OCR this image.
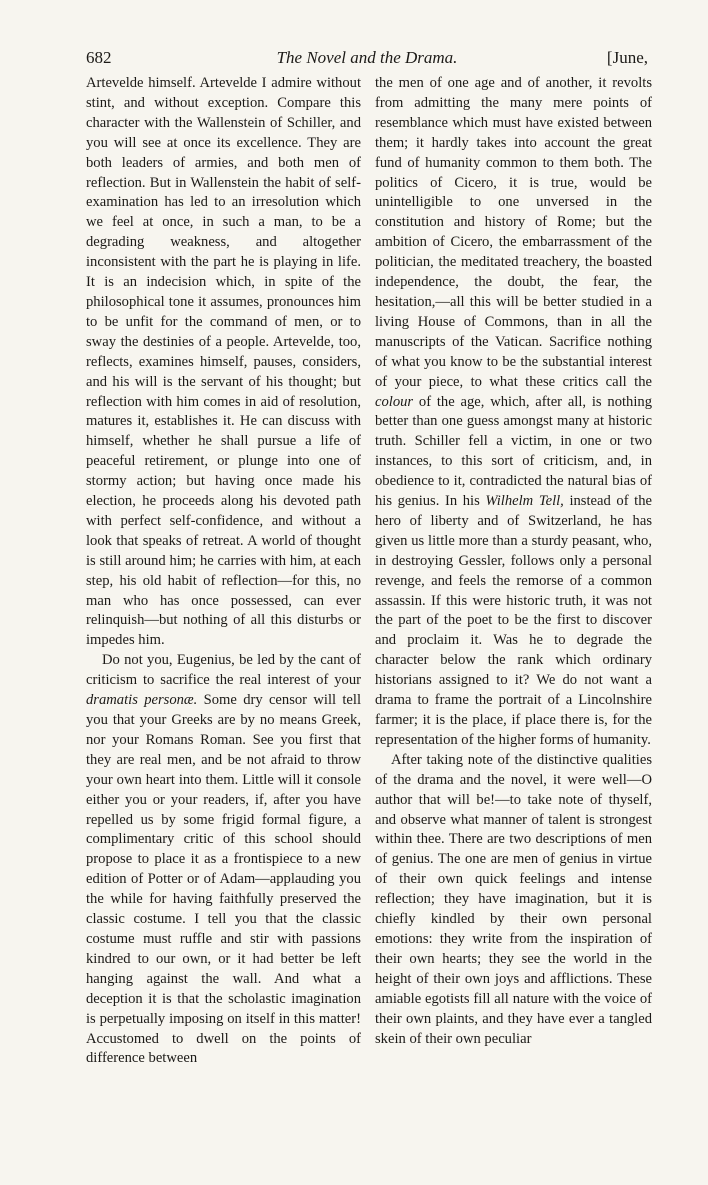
682	The Novel and the Drama.	[June,

Artevelde himself. Artevelde I admire without stint, and without exception. Compare this character with the Wallenstein of Schiller, and you will see at once its excellence. They are both leaders of armies, and both men of reflection. But in Wallenstein the habit of self-examination has led to an irresolution which we feel at once, in such a man, to be a degrading weakness, and altogether inconsistent with the part he is playing in life. It is an indecision which, in spite of the philosophical tone it assumes, pronounces him to be unfit for the command of men, or to sway the destinies of a people. Artevelde, too, reflects, examines himself, pauses, considers, and his will is the servant of his thought; but reflection with him comes in aid of resolution, matures it, establishes it. He can discuss with himself, whether he shall pursue a life of peaceful retirement, or plunge into one of stormy action; but having once made his election, he proceeds along his devoted path with perfect self-confidence, and without a look that speaks of retreat. A world of thought is still around him; he carries with him, at each step, his old habit of reflection—for this, no man who has once possessed, can ever relinquish—but nothing of all this disturbs or impedes him.

Do not you, Eugenius, be led by the cant of criticism to sacrifice the real interest of your dramatis personæ. Some dry censor will tell you that your Greeks are by no means Greek, nor your Romans Roman. See you first that they are real men, and be not afraid to throw your own heart into them. Little will it console either you or your readers, if, after you have repelled us by some frigid formal figure, a complimentary critic of this school should propose to place it as a frontispiece to a new edition of Potter or of Adam—applauding you the while for having faithfully preserved the classic costume. I tell you that the classic costume must ruffle and stir with passions kindred to our own, or it had better be left hanging against the wall. And what a deception it is that the scholastic imagination is perpetually imposing on itself in this matter! Accustomed to dwell on the points of difference between

the men of one age and of another, it revolts from admitting the many mere points of resemblance which must have existed between them; it hardly takes into account the great fund of humanity common to them both. The politics of Cicero, it is true, would be unintelligible to one unversed in the constitution and history of Rome; but the ambition of Cicero, the embarrassment of the politician, the meditated treachery, the boasted independence, the doubt, the fear, the hesitation,—all this will be better studied in a living House of Commons, than in all the manuscripts of the Vatican. Sacrifice nothing of what you know to be the substantial interest of your piece, to what these critics call the colour of the age, which, after all, is nothing better than one guess amongst many at historic truth. Schiller fell a victim, in one or two instances, to this sort of criticism, and, in obedience to it, contradicted the natural bias of his genius. In his Wilhelm Tell, instead of the hero of liberty and of Switzerland, he has given us little more than a sturdy peasant, who, in destroying Gessler, follows only a personal revenge, and feels the remorse of a common assassin. If this were historic truth, it was not the part of the poet to be the first to discover and proclaim it. Was he to degrade the character below the rank which ordinary historians assigned to it? We do not want a drama to frame the portrait of a Lincolnshire farmer; it is the place, if place there is, for the representation of the higher forms of humanity.

After taking note of the distinctive qualities of the drama and the novel, it were well—O author that will be!—to take note of thyself, and observe what manner of talent is strongest within thee. There are two descriptions of men of genius. The one are men of genius in virtue of their own quick feelings and intense reflection; they have imagination, but it is chiefly kindled by their own personal emotions: they write from the inspiration of their own hearts; they see the world in the height of their own joys and afflictions. These amiable egotists fill all nature with the voice of their own plaints, and they have ever a tangled skein of their own peculiar
